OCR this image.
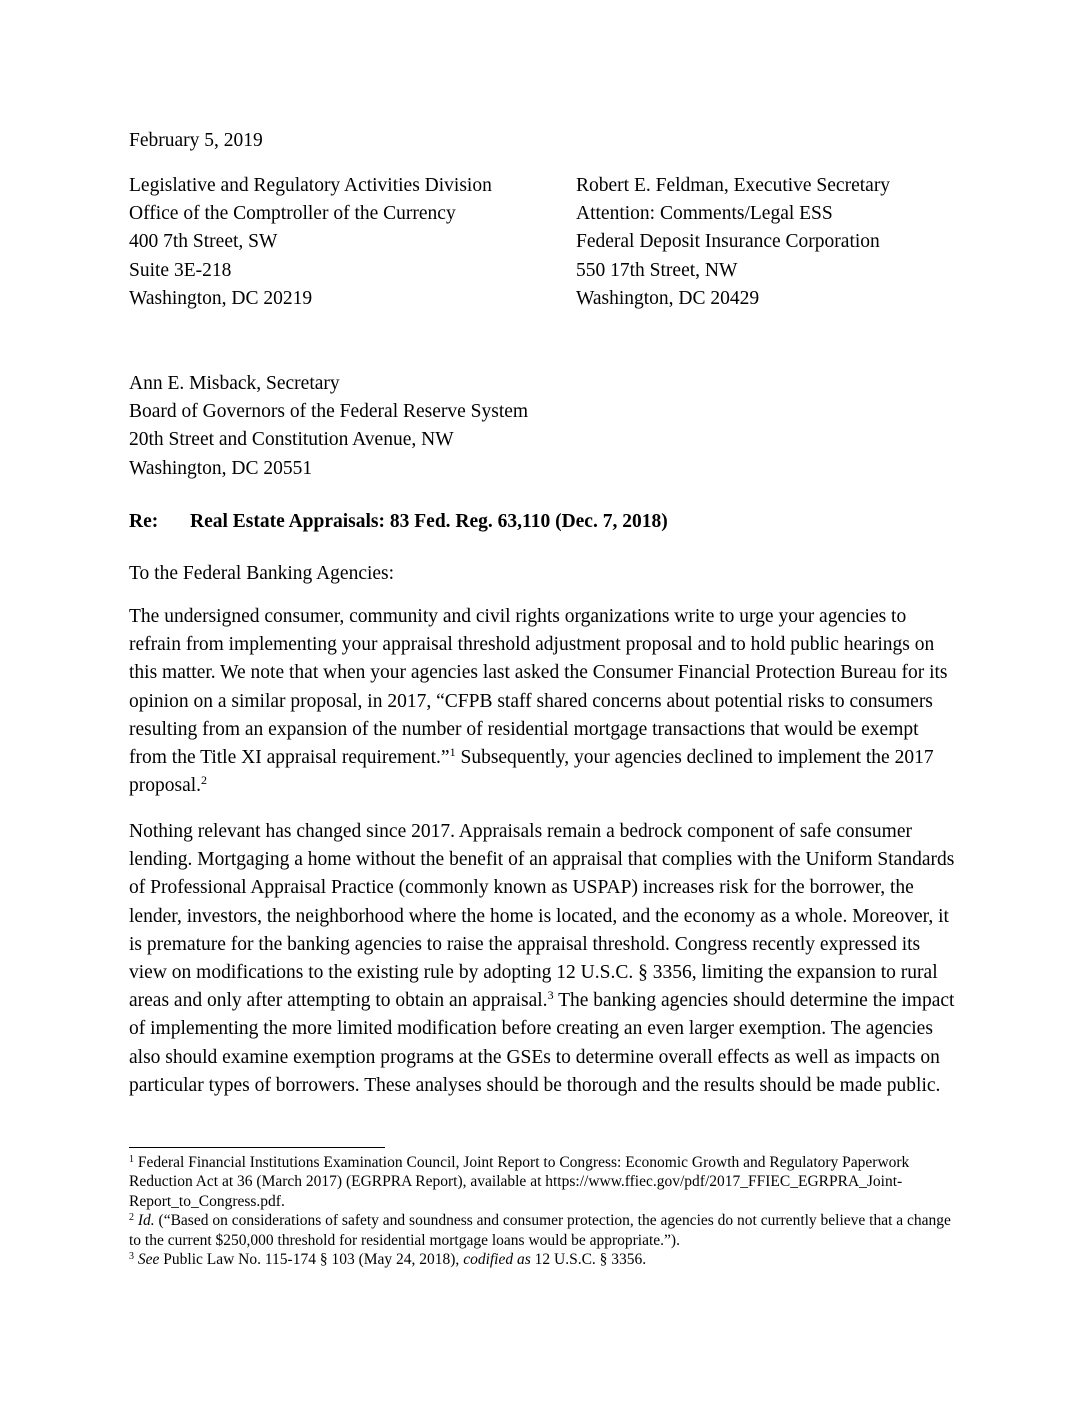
February 5, 2019
Legislative and Regulatory Activities Division
Office of the Comptroller of the Currency
400 7th Street, SW
Suite 3E-218
Washington, DC 20219
Robert E. Feldman, Executive Secretary
Attention: Comments/Legal ESS
Federal Deposit Insurance Corporation
550 17th Street, NW
Washington, DC 20429
Ann E. Misback, Secretary
Board of Governors of the Federal Reserve System
20th Street and Constitution Avenue, NW
Washington, DC 20551
Re: Real Estate Appraisals: 83 Fed. Reg. 63,110 (Dec. 7, 2018)
To the Federal Banking Agencies:

The undersigned consumer, community and civil rights organizations write to urge your agencies to refrain from implementing your appraisal threshold adjustment proposal and to hold public hearings on this matter. We note that when your agencies last asked the Consumer Financial Protection Bureau for its opinion on a similar proposal, in 2017, “CFPB staff shared concerns about potential risks to consumers resulting from an expansion of the number of residential mortgage transactions that would be exempt from the Title XI appraisal requirement.”$^1$ Subsequently, your agencies declined to implement the 2017 proposal.$^2$

Nothing relevant has changed since 2017. Appraisals remain a bedrock component of safe consumer lending. Mortgaging a home without the benefit of an appraisal that complies with the Uniform Standards of Professional Appraisal Practice (commonly known as USPAP) increases risk for the borrower, the lender, investors, the neighborhood where the home is located, and the economy as a whole. Moreover, it is premature for the banking agencies to raise the appraisal threshold. Congress recently expressed its view on modifications to the existing rule by adopting 12 U.S.C. § 3356, limiting the expansion to rural areas and only after attempting to obtain an appraisal.$^3$ The banking agencies should determine the impact of implementing the more limited modification before creating an even larger exemption. The agencies also should examine exemption programs at the GSEs to determine overall effects as well as impacts on particular types of borrowers. These analyses should be thorough and the results should be made public.

$^1$ Federal Financial Institutions Examination Council, Joint Report to Congress: Economic Growth and Regulatory Paperwork Reduction Act at 36 (March 2017) (EGRPRA Report), available at https://www.ffiec.gov/pdf/2017_FFIEC_EGRPRA_Joint-Report_to_Congress.pdf.

$^2$ Id. (“Based on considerations of safety and soundness and consumer protection, the agencies do not currently believe that a change to the current $250,000 threshold for residential mortgage loans would be appropriate.”).

$^3$ See Public Law No. 115-174 § 103 (May 24, 2018), codified as 12 U.S.C. § 3356.
